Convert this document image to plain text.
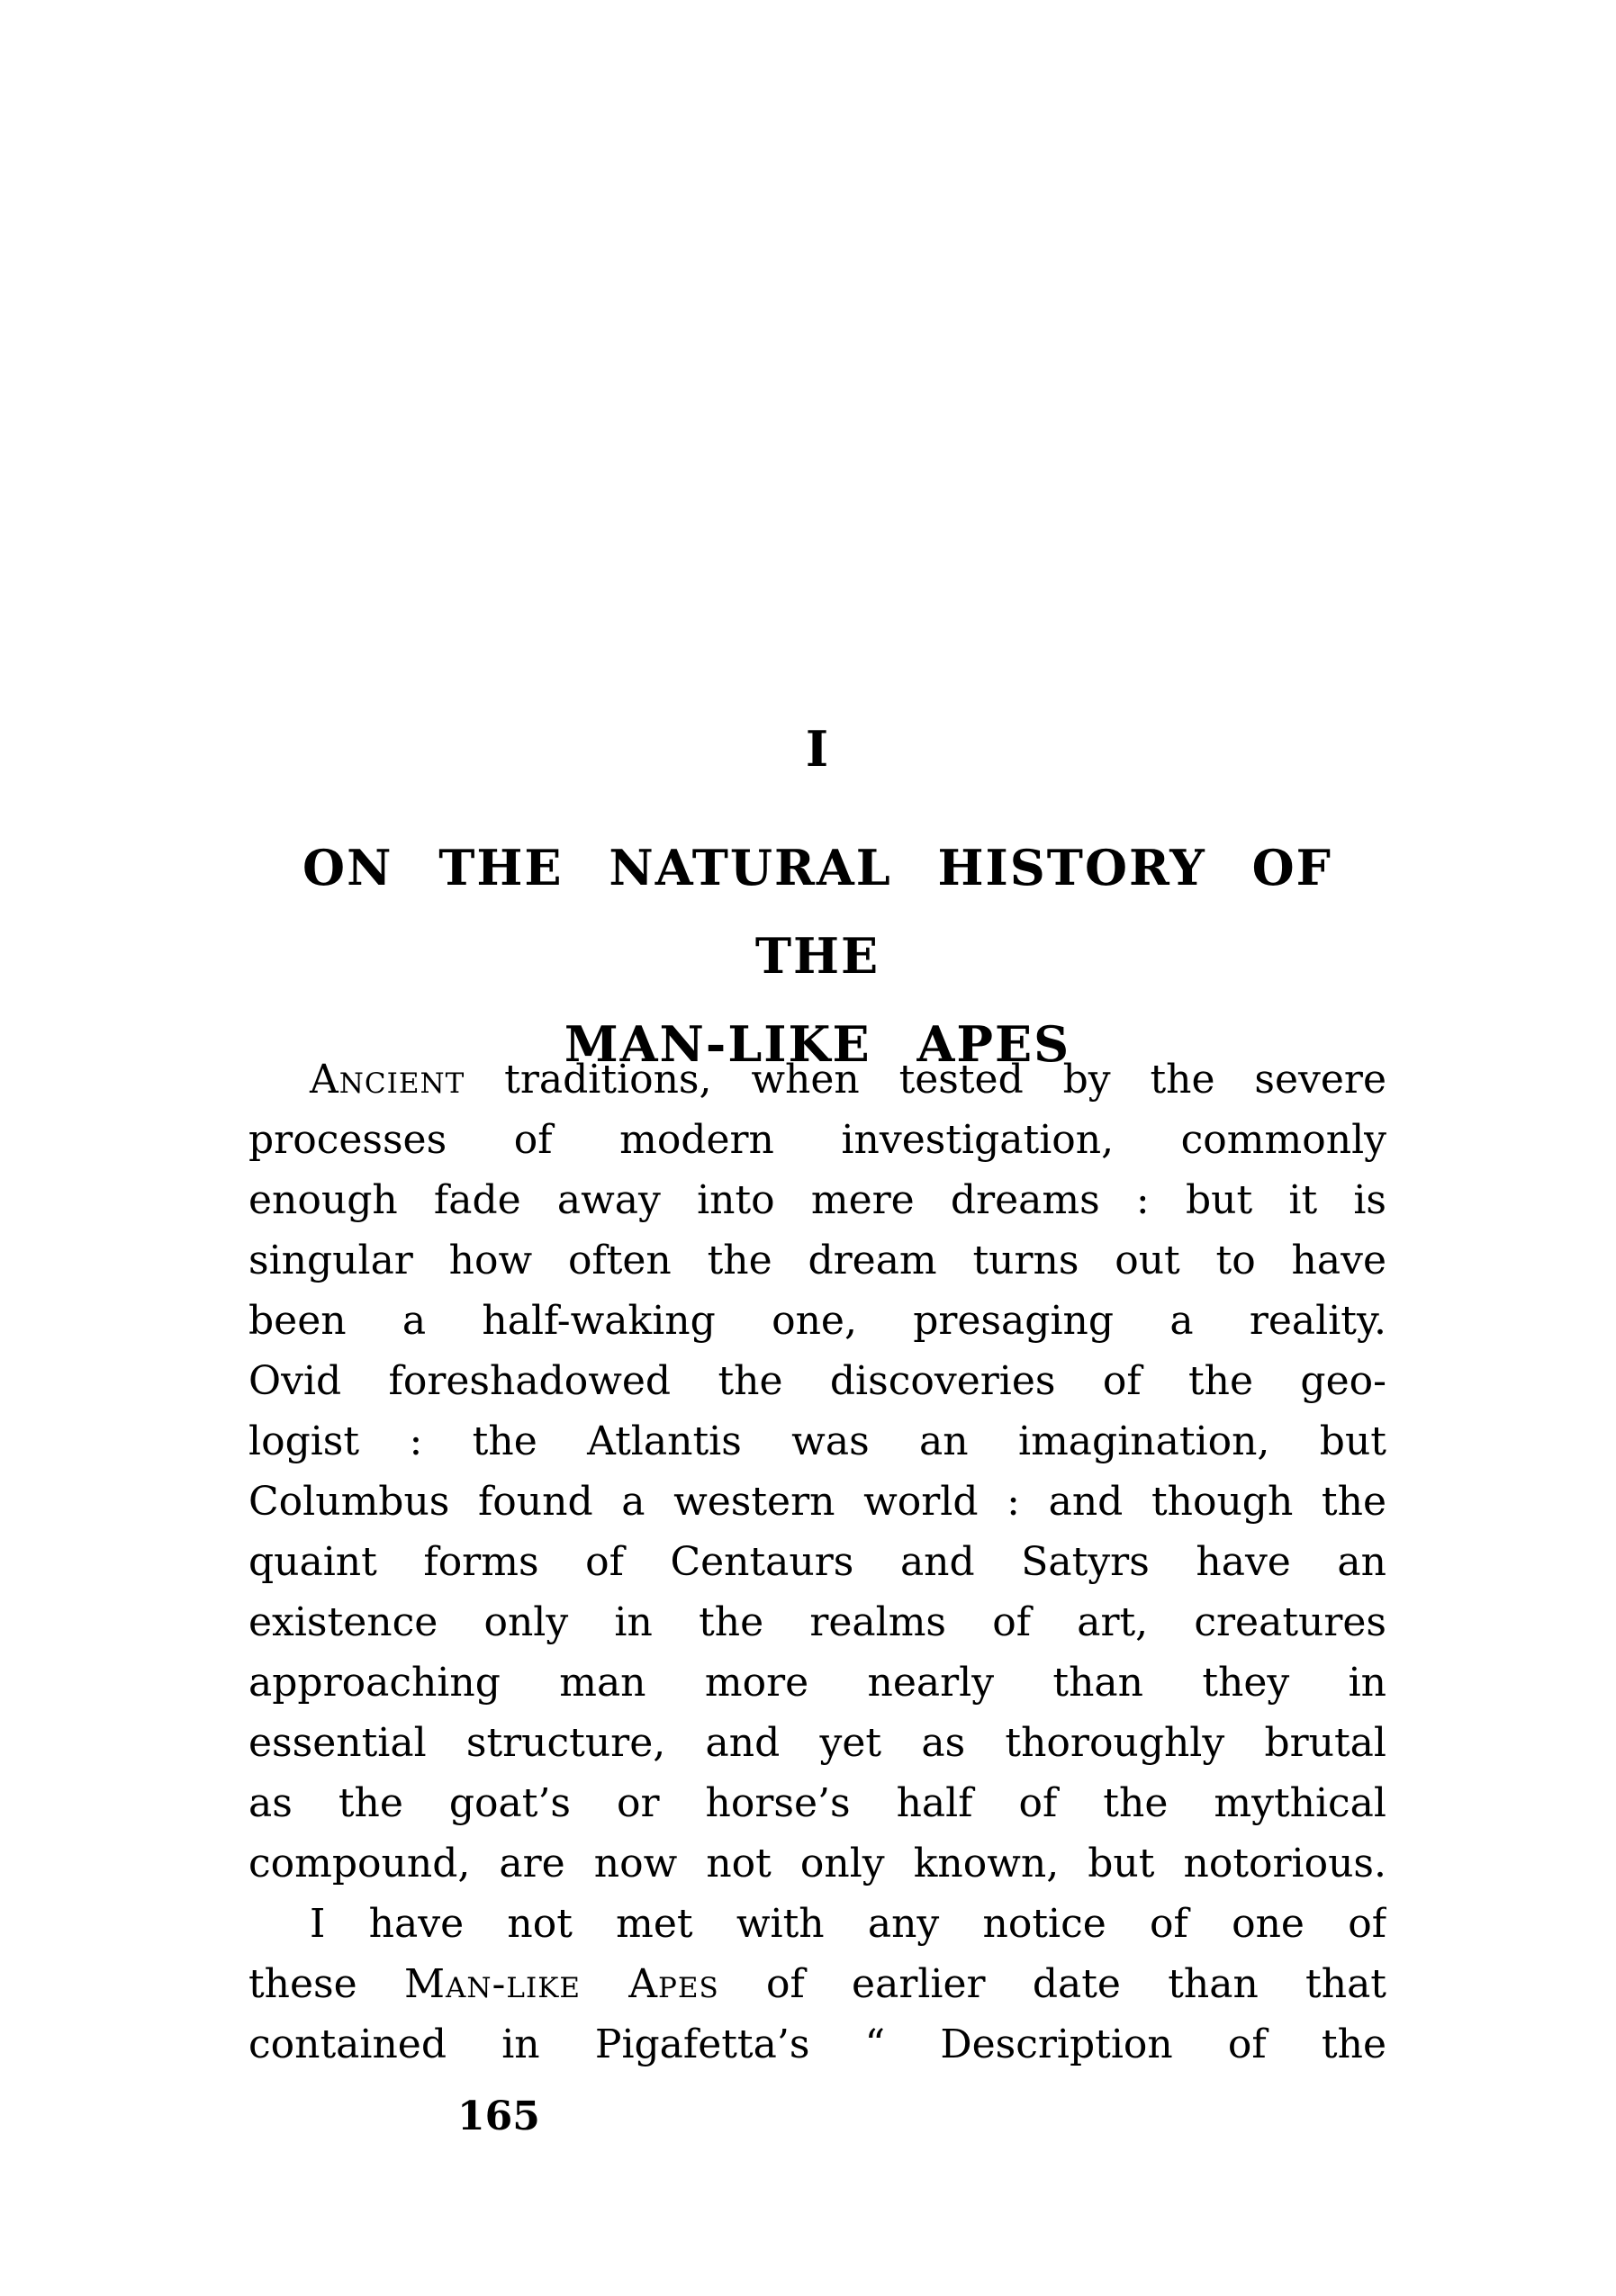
I
ON THE NATURAL HISTORY OF THE
MAN-LIKE APES
Ancient traditions, when tested by the severe
processes of modern investigation, commonly
enough fade away into mere dreams : but it is
singular how often the dream turns out to have
been a half-waking one, presaging a reality.
Ovid foreshadowed the discoveries of the geo-
logist : the Atlantis was an imagination, but
Columbus found a western world : and though the
quaint forms of Centaurs and Satyrs have an
existence only in the realms of art, creatures
approaching man more nearly than they in
essential structure, and yet as thoroughly brutal
as the goat’s or horse’s half of the mythical
compound, are now not only known, but notorious.
I have not met with any notice of one of
these Man-like Apes of earlier date than that
contained in Pigafetta’s “ Description of the
165
